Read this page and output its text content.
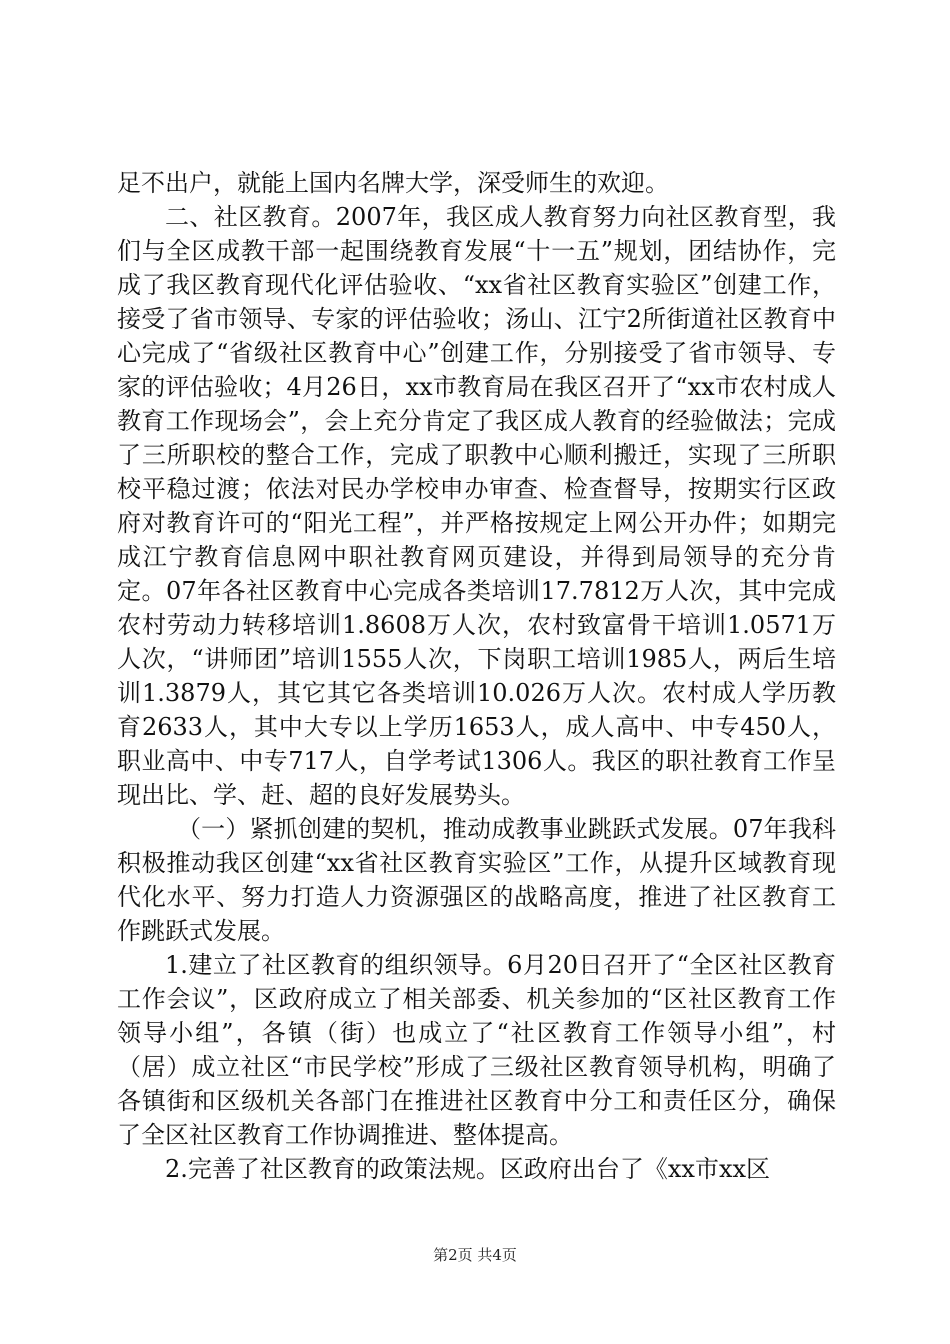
足不出户，就能上国内名牌大学，深受师生的欢迎。

二、社区教育。2007年，我区成人教育努力向社区教育型，我们与全区成教干部一起围绕教育发展“十一五”规划，团结协作，完成了我区教育现代化评估验收、“xx省社区教育实验区”创建工作，接受了省市领导、专家的评估验收；汤山、江宁2所街道社区教育中心完成了“省级社区教育中心”创建工作，分别接受了省市领导、专家的评估验收；4月26日，xx市教育局在我区召开了“xx市农村成人教育工作现场会”，会上充分肯定了我区成人教育的经验做法；完成了三所职校的整合工作，完成了职教中心顺利搬迁，实现了三所职校平稳过渡；依法对民办学校申办审查、检查督导，按期实行区政府对教育许可的“阳光工程”，并严格按规定上网公开办件；如期完成江宁教育信息网中职社教育网页建设，并得到局领导的充分肯定。07年各社区教育中心完成各类培训17.7812万人次，其中完成农村劳动力转移培训1.8608万人次，农村致富骨干培训1.0571万人次，“讲师团”培训1555人次，下岗职工培训1985人，两后生培训1.3879人，其它其它各类培训10.026万人次。农村成人学历教育2633人，其中大专以上学历1653人，成人高中、中专450人，职业高中、中专717人，自学考试1306人。我区的职社教育工作呈现出比、学、赶、超的良好发展势头。

（一）紧抓创建的契机，推动成教事业跳跃式发展。07年我科积极推动我区创建“xx省社区教育实验区”工作，从提升区域教育现代化水平、努力打造人力资源强区的战略高度，推进了社区教育工作跳跃式发展。

1.建立了社区教育的组织领导。6月20日召开了“全区社区教育工作会议”，区政府成立了相关部委、机关参加的“区社区教育工作领导小组”，各镇（街）也成立了“社区教育工作领导小组”，村（居）成立社区“市民学校”形成了三级社区教育领导机构，明确了各镇街和区级机关各部门在推进社区教育中分工和责任区分，确保了全区社区教育工作协调推进、整体提高。

2.完善了社区教育的政策法规。区政府出台了《xx市xx区

第2页 共4页
